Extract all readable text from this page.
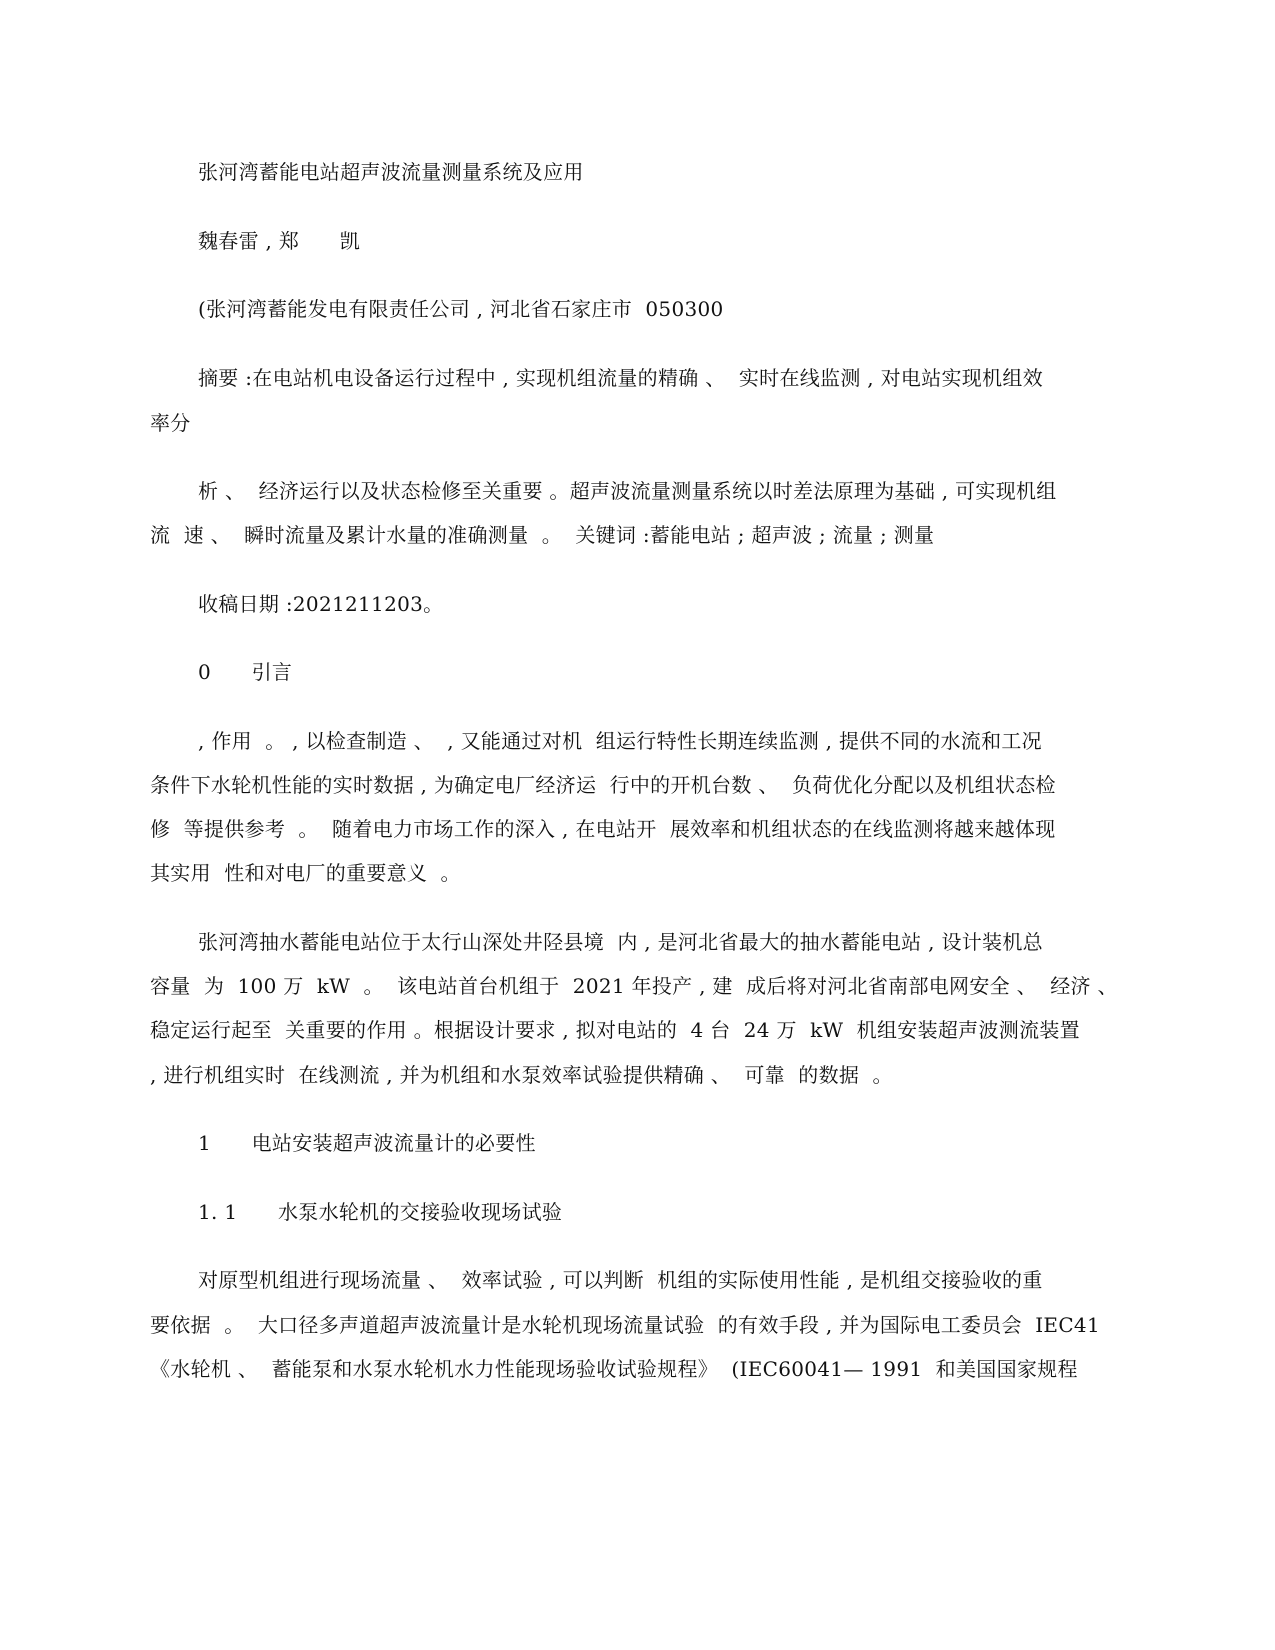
张河湾蓄能电站超声波流量测量系统及应用
魏春雷 , 郑　　凯
(张河湾蓄能发电有限责任公司 , 河北省石家庄市  050300
摘要 :在电站机电设备运行过程中 , 实现机组流量的精确 、  实时在线监测 , 对电站实现机组效
率分
析 、  经济运行以及状态检修至关重要 。超声波流量测量系统以时差法原理为基础 , 可实现机组
流  速 、  瞬时流量及累计水量的准确测量  。  关键词 :蓄能电站 ; 超声波 ; 流量 ; 测量
收稿日期 :2021211203。
0　　引言
, 作用  。 , 以检查制造 、  , 又能通过对机  组运行特性长期连续监测 , 提供不同的水流和工况
条件下水轮机性能的实时数据 , 为确定电厂经济运  行中的开机台数 、  负荷优化分配以及机组状态检
修  等提供参考  。  随着电力市场工作的深入 , 在电站开  展效率和机组状态的在线监测将越来越体现
其实用  性和对电厂的重要意义  。
张河湾抽水蓄能电站位于太行山深处井陉县境  内 , 是河北省最大的抽水蓄能电站 , 设计装机总
容量  为  100 万  kW  。  该电站首台机组于  2021 年投产 , 建  成后将对河北省南部电网安全 、  经济 、
稳定运行起至  关重要的作用 。根据设计要求 , 拟对电站的  4 台  24 万  kW  机组安装超声波测流装置
, 进行机组实时  在线测流 , 并为机组和水泵效率试验提供精确 、  可靠  的数据  。
1　　电站安装超声波流量计的必要性
1. 1　　水泵水轮机的交接验收现场试验
对原型机组进行现场流量 、  效率试验 , 可以判断  机组的实际使用性能 , 是机组交接验收的重
要依据  。  大口径多声道超声波流量计是水轮机现场流量试验  的有效手段 , 并为国际电工委员会  IEC41
《水轮机 、  蓄能泵和水泵水轮机水力性能现场验收试验规程》  (IEC60041— 1991  和美国国家规程
